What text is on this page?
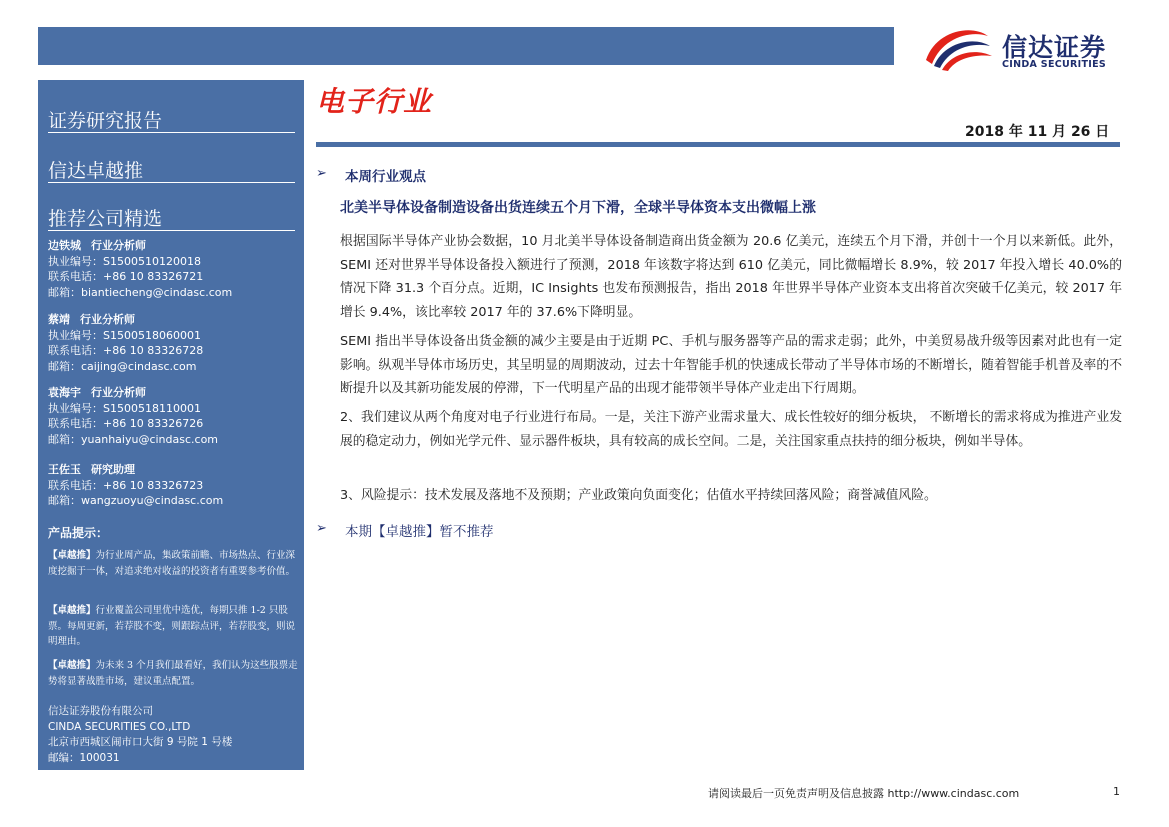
信达证券
CINDA SECURITIES
证券研究报告
信达卓越推
推荐公司精选
边铁城 行业分析师
执业编号：S1500510120018
联系电话：+86 10 83326721
邮箱：biantiecheng@cindasc.com
蔡靖 行业分析师
执业编号：S1500518060001
联系电话：+86 10 83326728
邮箱：caijing@cindasc.com
袁海宇 行业分析师
执业编号：S1500518110001
联系电话：+86 10 83326726
邮箱：yuanhaiyu@cindasc.com
王佐玉 研究助理
联系电话：+86 10 83326723
邮箱：wangzuoyu@cindasc.com
产品提示：
【卓越推】为行业周产品，集政策前瞻、市场热点、行业深度挖掘于一体，对追求绝对收益的投资者有重要参考价值。
【卓越推】行业覆盖公司里优中选优，每期只推 1-2 只股票。每周更新，若荐股不变，则跟踪点评，若荐股变，则说明理由。
【卓越推】为未来 3 个月我们最看好，我们认为这些股票走势将显著战胜市场，建议重点配置。
信达证券股份有限公司
CINDA SECURITIES CO.,LTD
北京市西城区闹市口大街 9 号院 1 号楼
邮编：100031
电子行业
2018 年 11 月 26 日
➢ 本周行业观点
北美半导体设备制造设备出货连续五个月下滑，全球半导体资本支出微幅上涨
根据国际半导体产业协会数据，10 月北美半导体设备制造商出货金额为 20.6 亿美元，连续五个月下滑，并创十一个月以来新低。此外，SEMI 还对世界半导体设备投入额进行了预测，2018 年该数字将达到 610 亿美元，同比微幅增长 8.9%，较 2017 年投入增长 40.0%的情况下降 31.3 个百分点。近期，IC Insights 也发布预测报告，指出 2018 年世界半导体产业资本支出将首次突破千亿美元，较 2017 年增长 9.4%，该比率较 2017 年的 37.6%下降明显。
SEMI 指出半导体设备出货金额的减少主要是由于近期 PC、手机与服务器等产品的需求走弱；此外，中美贸易战升级等因素对此也有一定影响。纵观半导体市场历史，其呈明显的周期波动，过去十年智能手机的快速成长带动了半导体市场的不断增长，随着智能手机普及率的不断提升以及其新功能发展的停滞，下一代明星产品的出现才能带领半导体产业走出下行周期。
2、我们建议从两个角度对电子行业进行布局。一是，关注下游产业需求量大、成长性较好的细分板块， 不断增长的需求将成为推进产业发展的稳定动力，例如光学元件、显示器件板块，具有较高的成长空间。二是，关注国家重点扶持的细分板块，例如半导体。
3、风险提示：技术发展及落地不及预期；产业政策向负面变化；估值水平持续回落风险；商誉减值风险。
➢ 本期【卓越推】暂不推荐
请阅读最后一页免责声明及信息披露 http://www.cindasc.com	1
